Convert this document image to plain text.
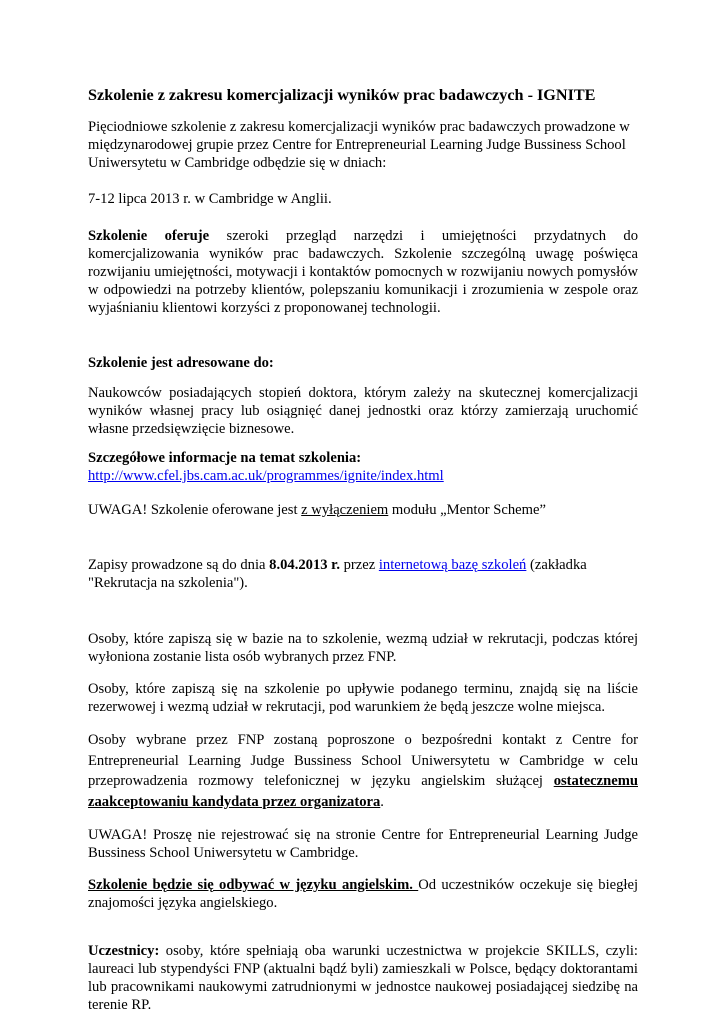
Szkolenie z zakresu komercjalizacji wyników prac badawczych - IGNITE

Pięciodniowe szkolenie z zakresu komercjalizacji wyników prac badawczych prowadzone w
międzynarodowej grupie przez Centre for Entrepreneurial Learning Judge Bussiness School
Uniwersytetu w Cambridge odbędzie się w dniach:

7-12 lipca 2013 r. w Cambridge w Anglii.

Szkolenie oferuje szeroki przegląd narzędzi i umiejętności przydatnych do komercjalizowania wyników prac badawczych. Szkolenie szczególną uwagę poświęca rozwijaniu umiejętności, motywacji i kontaktów pomocnych w rozwijaniu nowych pomysłów w odpowiedzi na potrzeby klientów, polepszaniu komunikacji i zrozumienia w zespole oraz wyjaśnianiu klientowi korzyści z proponowanej technologii.

Szkolenie jest adresowane do:

Naukowców posiadających stopień doktora, którym zależy na skutecznej komercjalizacji wyników własnej pracy lub osiągnięć danej jednostki oraz którzy zamierzają uruchomić własne przedsięwzięcie biznesowe.

Szczegółowe informacje na temat szkolenia:
http://www.cfel.jbs.cam.ac.uk/programmes/ignite/index.html

UWAGA! Szkolenie oferowane jest z wyłączeniem modułu „Mentor Scheme”

Zapisy prowadzone są do dnia 8.04.2013 r. przez internetową bazę szkoleń (zakładka
"Rekrutacja na szkolenia").

Osoby, które zapiszą się w bazie na to szkolenie, wezmą udział w rekrutacji, podczas której wyłoniona zostanie lista osób wybranych przez FNP.

Osoby, które zapiszą się na szkolenie po upływie podanego terminu, znajdą się na liście rezerwowej i wezmą udział w rekrutacji, pod warunkiem że będą jeszcze wolne miejsca.

Osoby wybrane przez FNP zostaną poproszone o bezpośredni kontakt z Centre for Entrepreneurial Learning Judge Bussiness School Uniwersytetu w Cambridge w celu przeprowadzenia rozmowy telefonicznej w języku angielskim służącej ostatecznemu zaakceptowaniu kandydata przez organizatora.

UWAGA! Proszę nie rejestrować się na stronie Centre for Entrepreneurial Learning Judge Bussiness School Uniwersytetu w Cambridge.

Szkolenie będzie się odbywać w języku angielskim. Od uczestników oczekuje się biegłej znajomości języka angielskiego.

Uczestnicy: osoby, które spełniają oba warunki uczestnictwa w projekcie SKILLS, czyli: laureaci lub stypendyści FNP (aktualni bądź byli) zamieszkali w Polsce, będący doktorantami lub pracownikami naukowymi zatrudnionymi w jednostce naukowej posiadającej siedzibę na terenie RP.
